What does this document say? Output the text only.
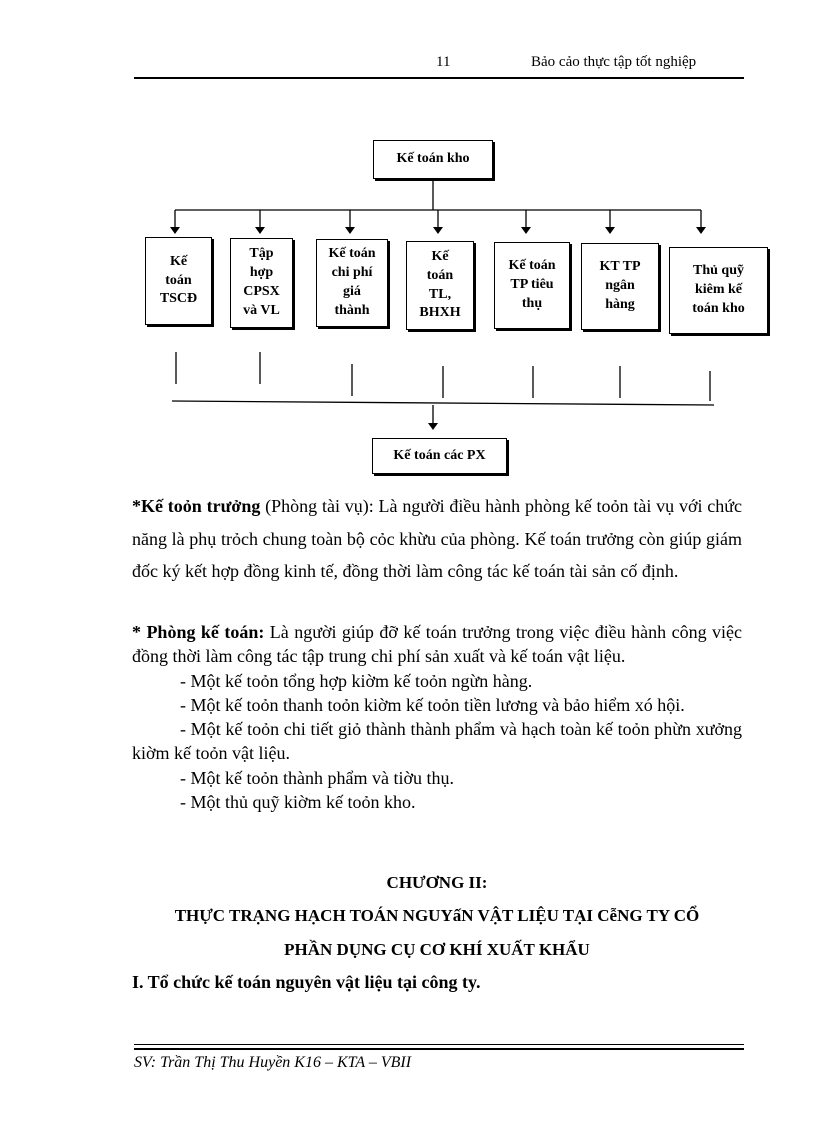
11	Bảo cảo thực tập tốt nghiệp
Kế toán kho
Kế
toán
TSCĐ
Tập
hợp
CPSX
và VL
Kế toán
chi phí
giá
thành
Kế
toán
TL,
BHXH
Kế toán
TP tiêu
thụ
KT TP
ngân
hàng
Thủ quỹ
kiêm kế
toán kho
Kế toán các PX
*Kế toỏn trưởng (Phòng tài vụ): Là người điều hành phòng kế toỏn tài vụ với chức năng là phụ trỏch chung toàn bộ cỏc khừu của phòng. Kế toán trưởng còn giúp giám đốc ký kết hợp đồng kinh tế, đồng thời làm công tác kế toán tài sản cố định.
* Phòng kế toán: Là người giúp đỡ kế toán trưởng trong việc điều hành công việc đồng thời làm công tác tập trung chi phí sản xuất và kế toán vật liệu.
- Một kế toỏn tổng hợp kiờm kế toỏn ngừn hàng.
- Một kế toỏn thanh toỏn kiờm kế toỏn tiền lương và bảo hiểm xó hội.
- Một kế toỏn chi tiết giỏ thành thành phẩm và hạch toàn kế toỏn phừn xưởng kiờm kế toỏn vật liệu.
- Một kế toỏn thành phẩm và tiờu thụ.
- Một thủ quỹ kiờm kế toỏn kho.
CHƯƠNG II:
THỰC TRẠNG HẠCH TOÁN NGUYấN VẬT LIỆU TẠI CễNG TY CỔ
PHẦN DỤNG CỤ CƠ KHÍ XUẤT KHẨU
I. Tổ chức kế toán nguyên vật liệu tại công ty.
SV: Trần Thị Thu Huyền K16 – KTA – VBII
